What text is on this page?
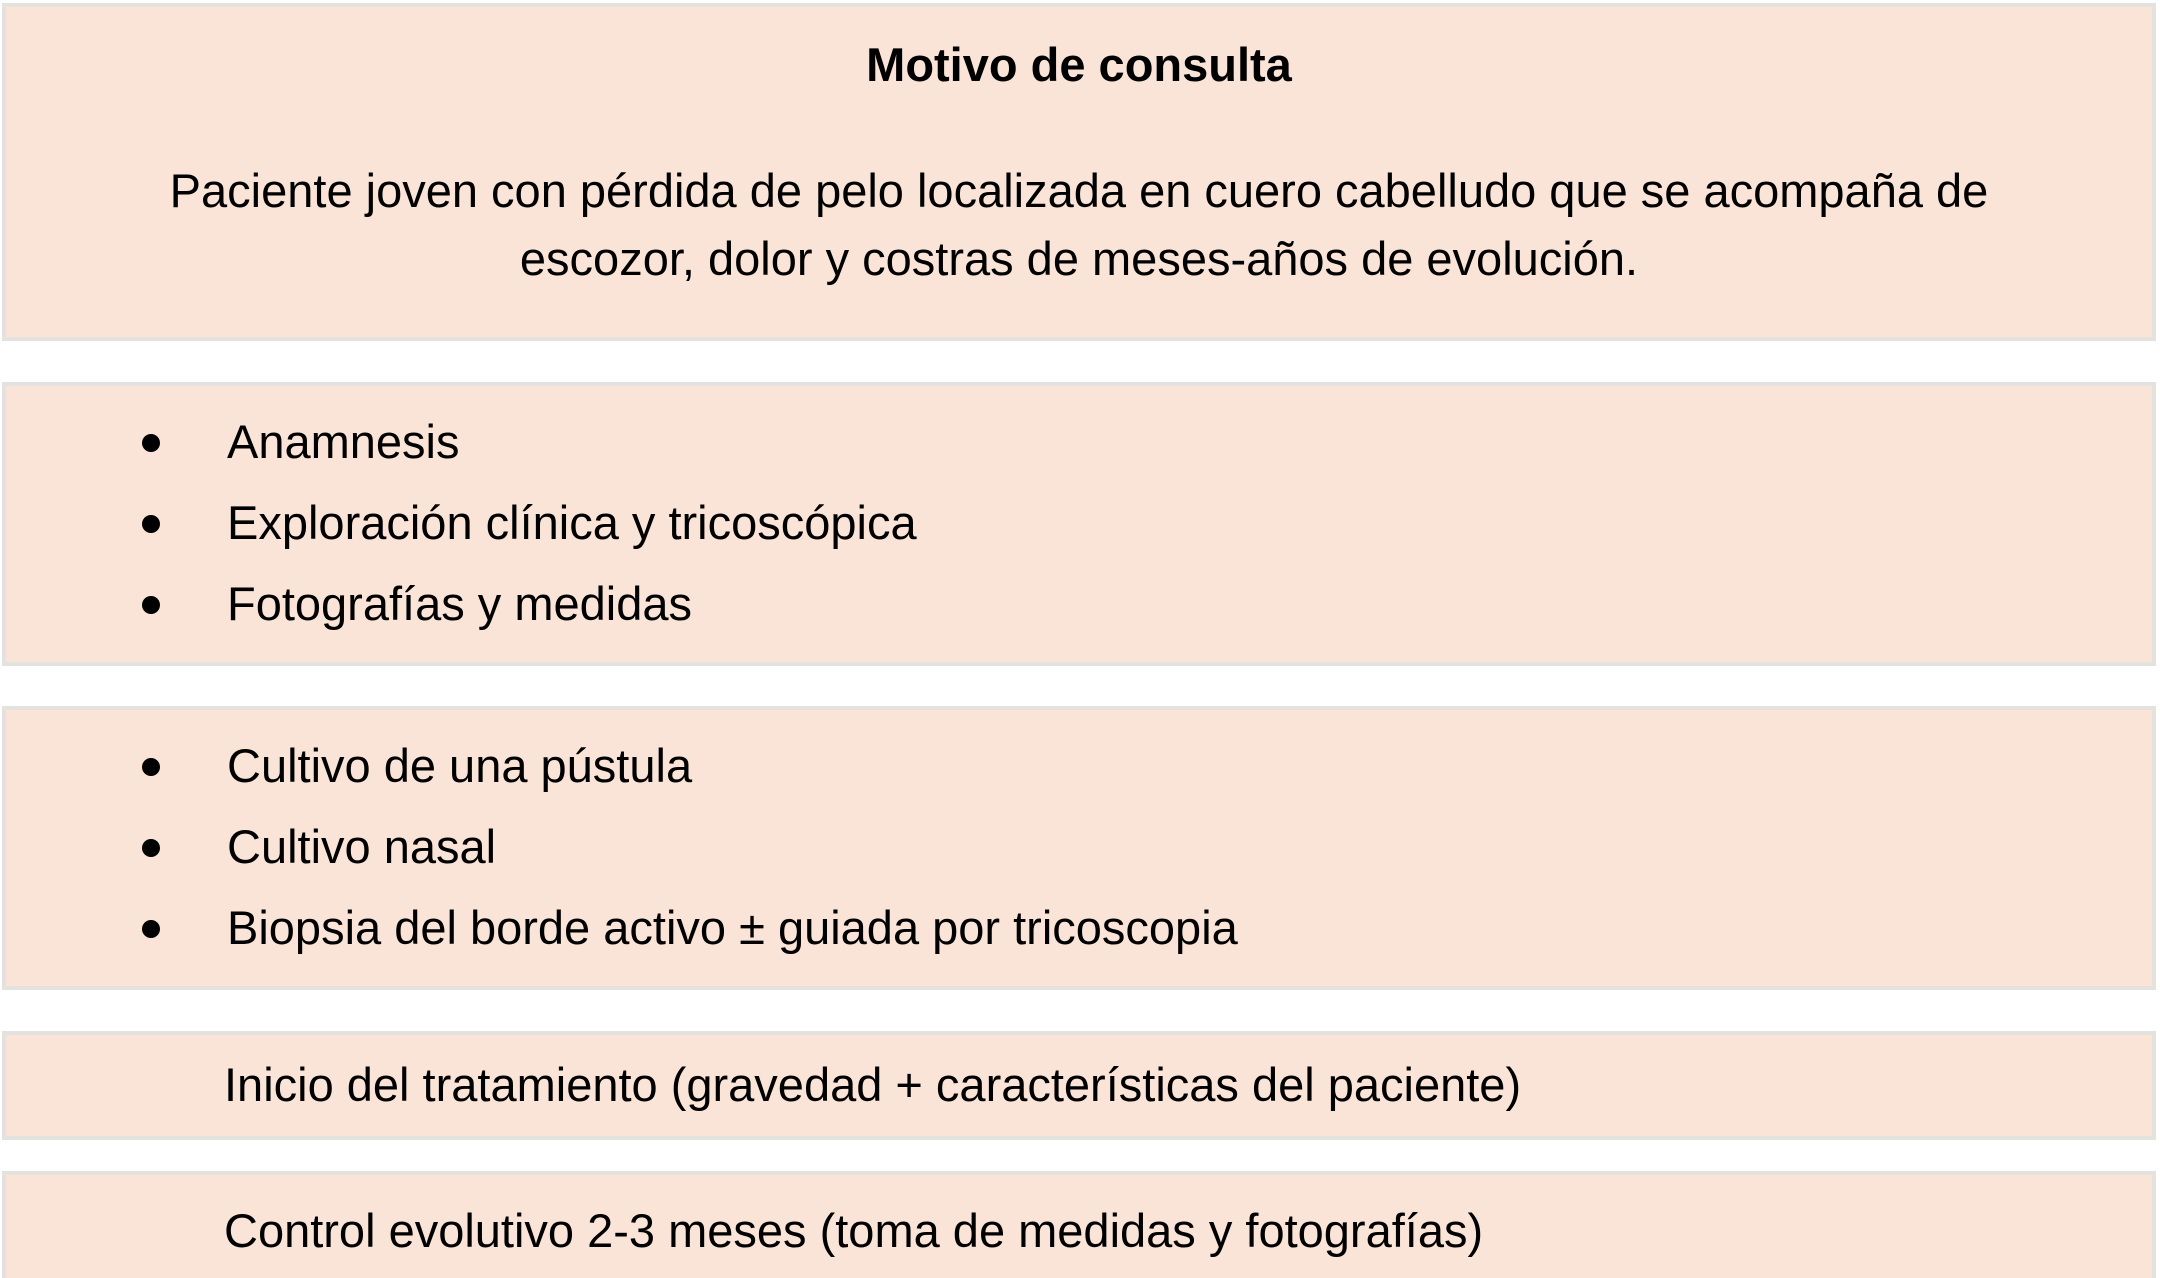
Motivo de consulta
Paciente joven con pérdida de pelo localizada en cuero cabelludo que se acompaña de
escozor, dolor y costras de meses-años de evolución.
Anamnesis
Exploración clínica y tricoscópica
Fotografías y medidas
Cultivo de una pústula
Cultivo nasal
Biopsia del borde activo ± guiada por tricoscopia
Inicio del tratamiento (gravedad + características del paciente)
Control evolutivo 2-3 meses (toma de medidas y fotografías)
